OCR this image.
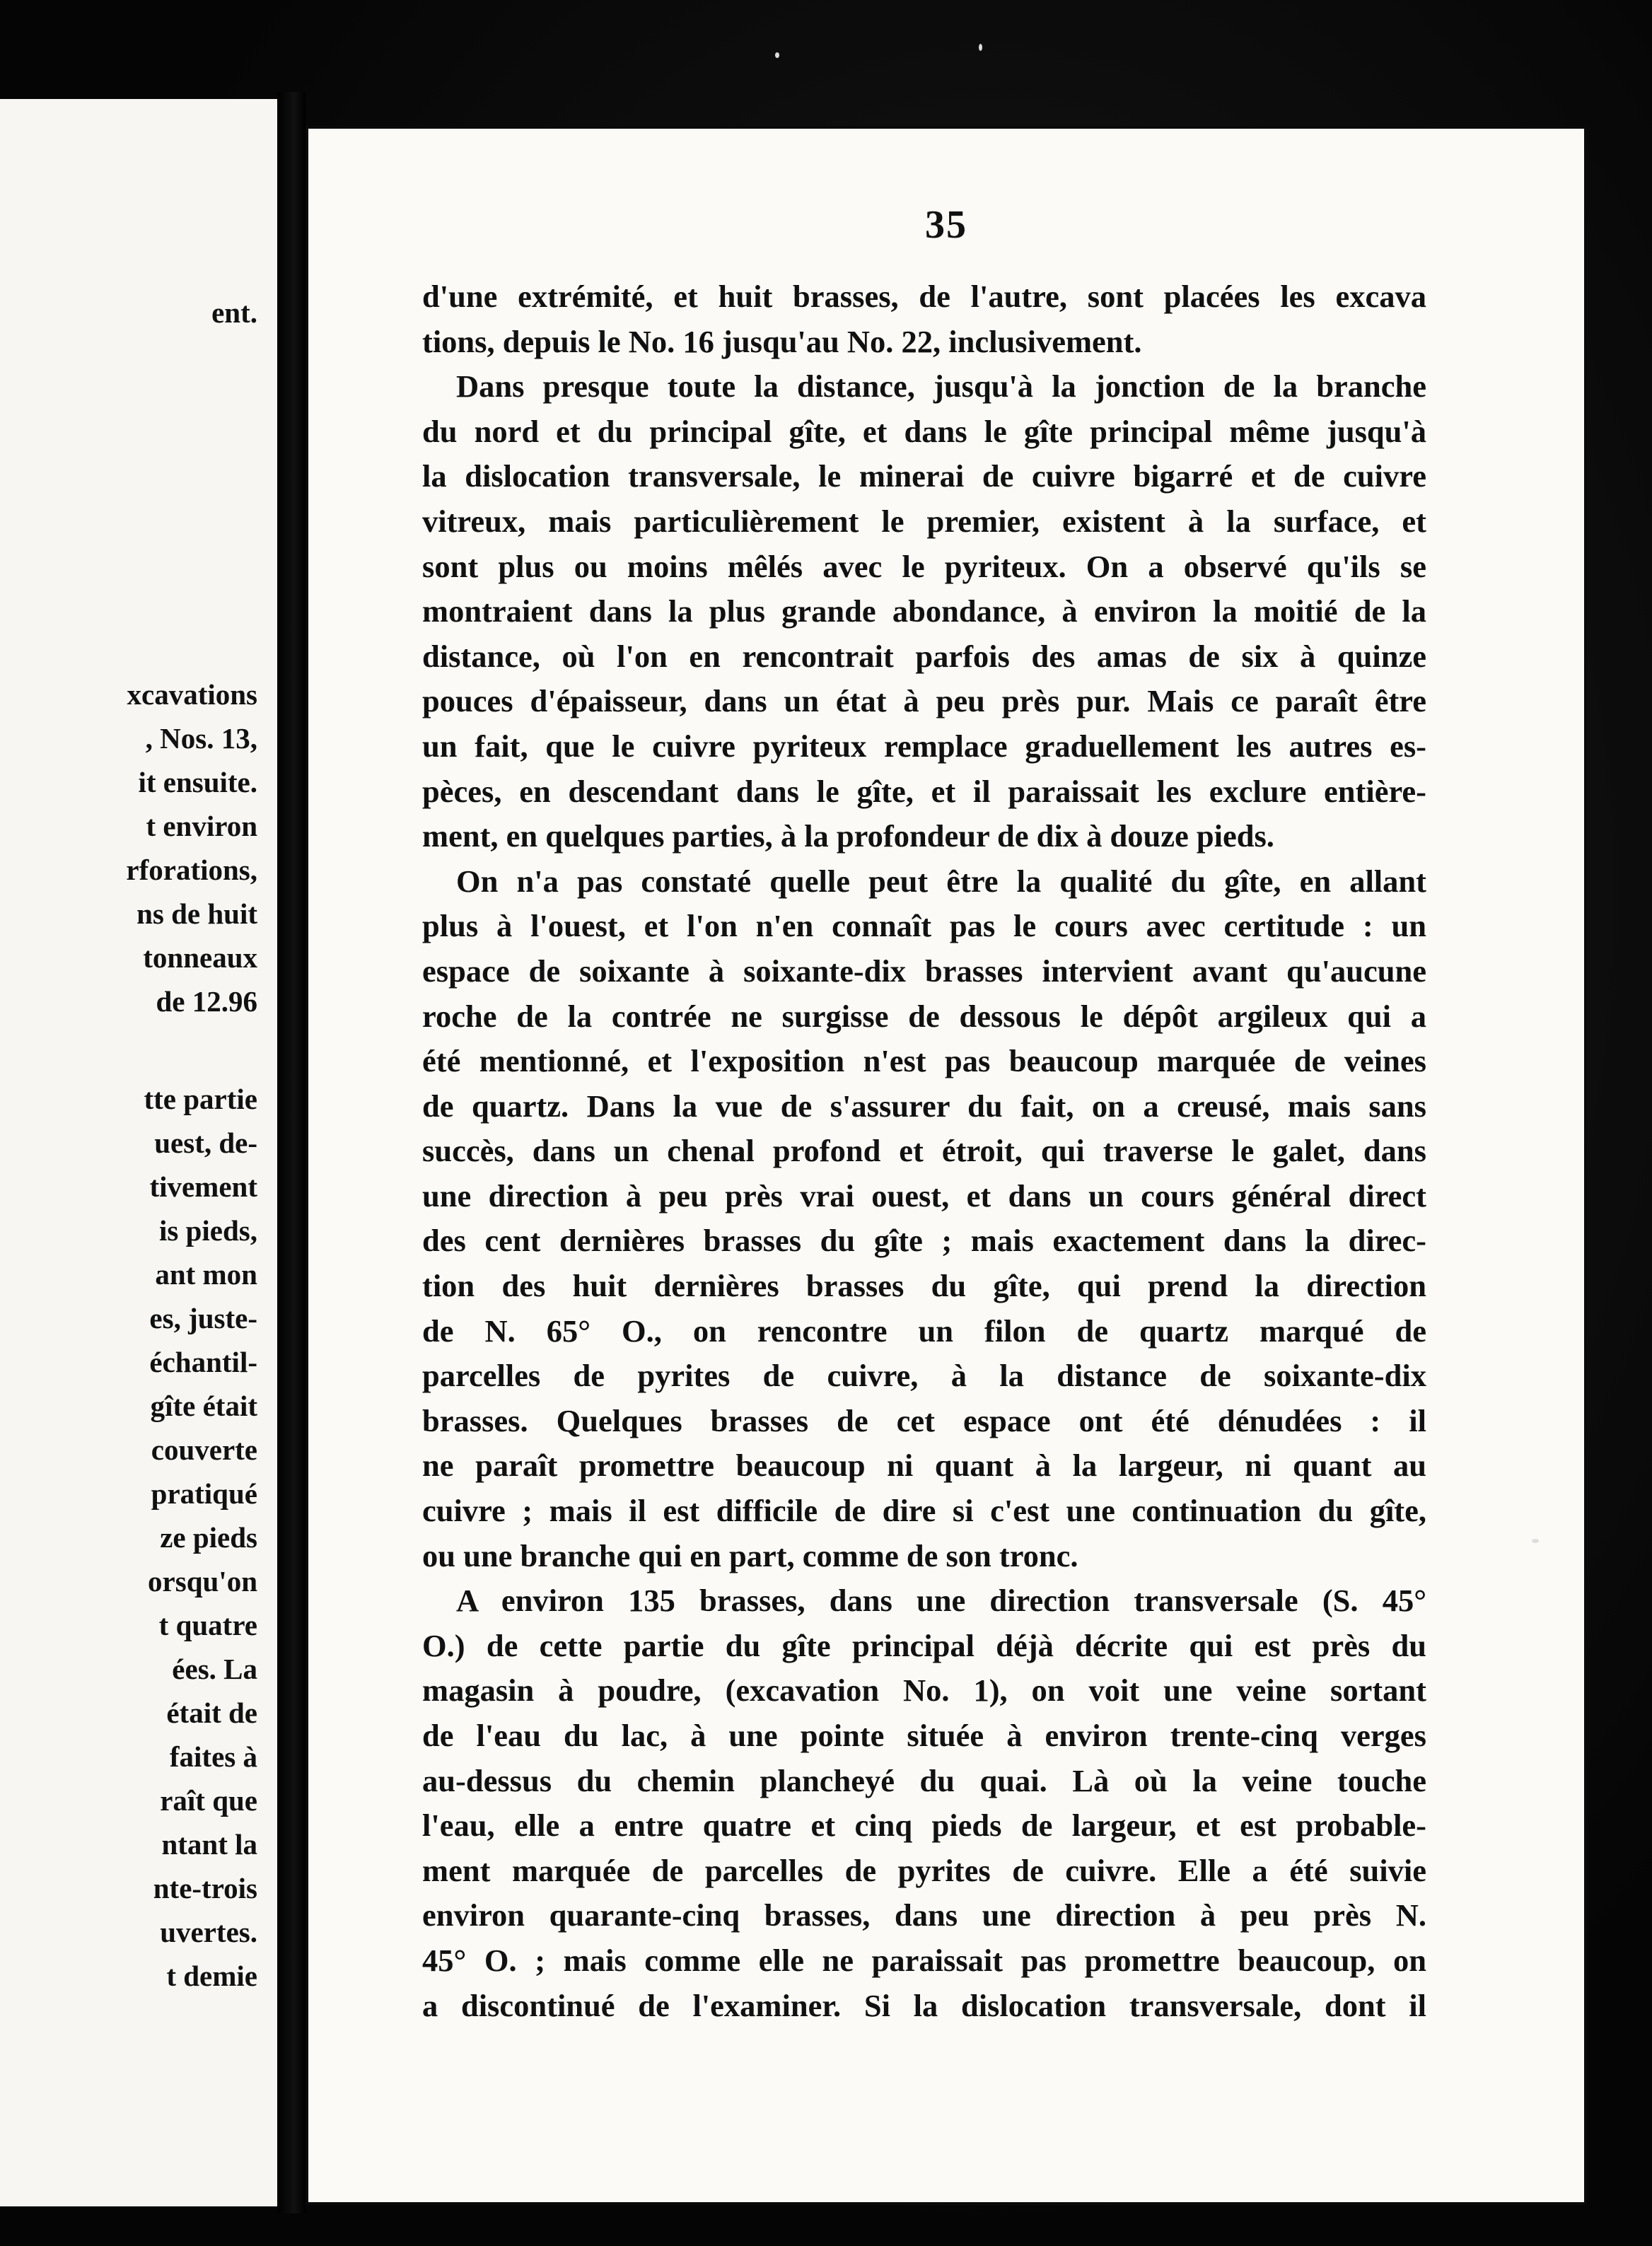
ent.
xcavations
, Nos. 13,
it ensuite.
t environ
rforations,
ns de huit
tonneaux
de 12.96
tte partie
uest, de-
tivement
is pieds,
ant mon
es, juste-
échantil-
gîte était
couverte
pratiqué
ze pieds
orsqu'on
t quatre
ées. La
était de
faites à
raît que
ntant la
nte-trois
uvertes.
t demie
35
d'une extrémité, et huit brasses, de l'autre, sont placées les excava
tions, depuis le No. 16 jusqu'au No. 22, inclusivement.
Dans presque toute la distance, jusqu'à la jonction de la branche
du nord et du principal gîte, et dans le gîte principal même jusqu'à
la dislocation transversale, le minerai de cuivre bigarré et de cuivre
vitreux, mais particulièrement le premier, existent à la surface, et
sont plus ou moins mêlés avec le pyriteux. On a observé qu'ils se
montraient dans la plus grande abondance, à environ la moitié de la
distance, où l'on en rencontrait parfois des amas de six à quinze
pouces d'épaisseur, dans un état à peu près pur. Mais ce paraît être
un fait, que le cuivre pyriteux remplace graduellement les autres es-
pèces, en descendant dans le gîte, et il paraissait les exclure entière-
ment, en quelques parties, à la profondeur de dix à douze pieds.
On n'a pas constaté quelle peut être la qualité du gîte, en allant
plus à l'ouest, et l'on n'en connaît pas le cours avec certitude : un
espace de soixante à soixante-dix brasses intervient avant qu'aucune
roche de la contrée ne surgisse de dessous le dépôt argileux qui a
été mentionné, et l'exposition n'est pas beaucoup marquée de veines
de quartz. Dans la vue de s'assurer du fait, on a creusé, mais sans
succès, dans un chenal profond et étroit, qui traverse le galet, dans
une direction à peu près vrai ouest, et dans un cours général direct
des cent dernières brasses du gîte ; mais exactement dans la direc-
tion des huit dernières brasses du gîte, qui prend la direction
de N. 65° O., on rencontre un filon de quartz marqué de
parcelles de pyrites de cuivre, à la distance de soixante-dix
brasses. Quelques brasses de cet espace ont été dénudées : il
ne paraît promettre beaucoup ni quant à la largeur, ni quant au
cuivre ; mais il est difficile de dire si c'est une continuation du gîte,
ou une branche qui en part, comme de son tronc.
A environ 135 brasses, dans une direction transversale (S. 45°
O.) de cette partie du gîte principal déjà décrite qui est près du
magasin à poudre, (excavation No. 1), on voit une veine sortant
de l'eau du lac, à une pointe située à environ trente-cinq verges
au-dessus du chemin plancheyé du quai. Là où la veine touche
l'eau, elle a entre quatre et cinq pieds de largeur, et est probable-
ment marquée de parcelles de pyrites de cuivre. Elle a été suivie
environ quarante-cinq brasses, dans une direction à peu près N.
45° O. ; mais comme elle ne paraissait pas promettre beaucoup, on
a discontinué de l'examiner. Si la dislocation transversale, dont il
